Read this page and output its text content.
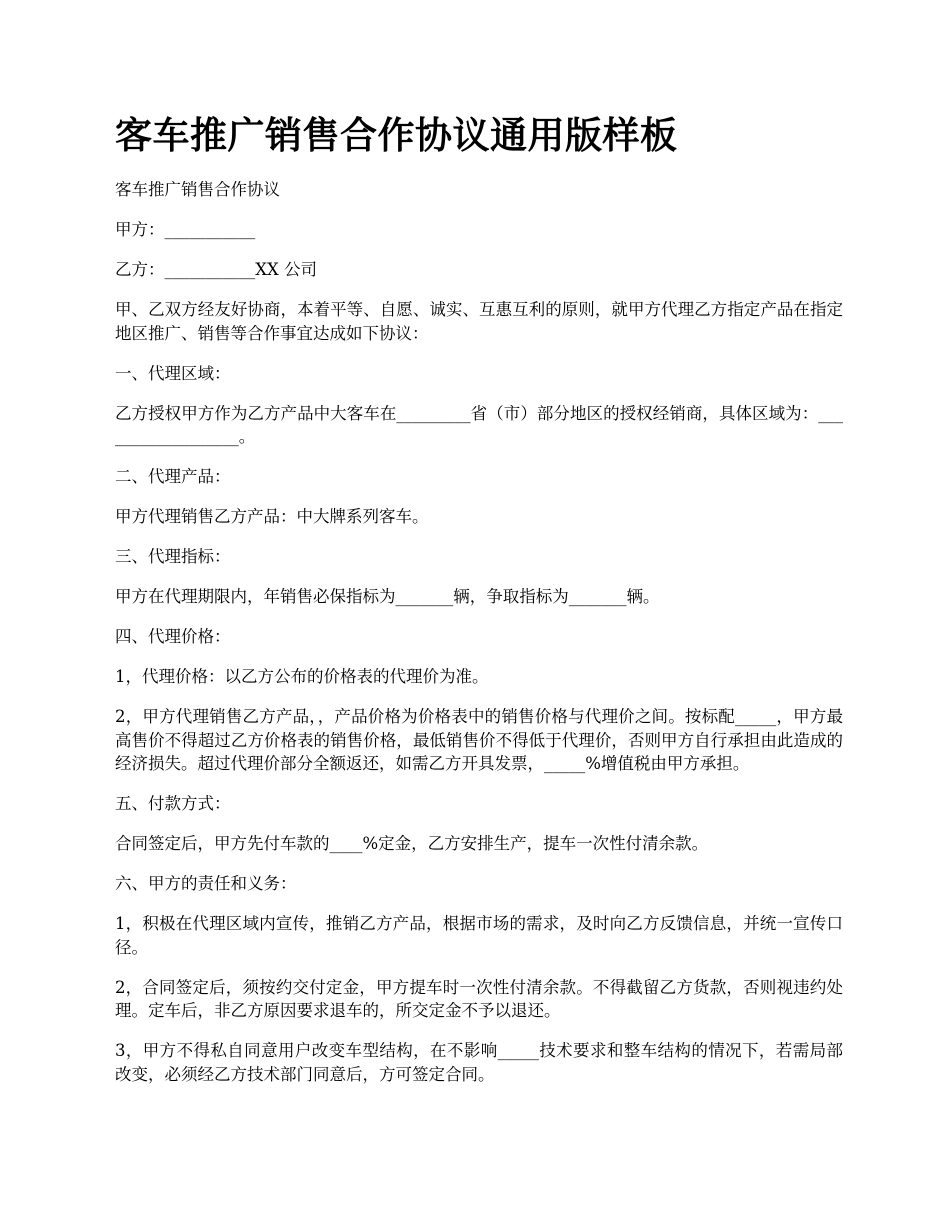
客车推广销售合作协议通用版样板

客车推广销售合作协议

甲方：___________

乙方：___________XX 公司

甲、乙双方经友好协商，本着平等、自愿、诚实、互惠互利的原则，就甲方代理乙方指定产品在指定地区推广、销售等合作事宜达成如下协议：

一、代理区域：

乙方授权甲方作为乙方产品中大客车在_________省（市）部分地区的授权经销商，具体区域为：__________________。

二、代理产品：

甲方代理销售乙方产品：中大牌系列客车。

三、代理指标：

甲方在代理期限内，年销售必保指标为_______辆，争取指标为_______辆。

四、代理价格：

1，代理价格：以乙方公布的价格表的代理价为准。

2，甲方代理销售乙方产品，，产品价格为价格表中的销售价格与代理价之间。按标配_____，甲方最高售价不得超过乙方价格表的销售价格，最低销售价不得低于代理价，否则甲方自行承担由此造成的经济损失。超过代理价部分全额返还，如需乙方开具发票，_____%增值税由甲方承担。

五、付款方式：

合同签定后，甲方先付车款的____%定金，乙方安排生产，提车一次性付清余款。

六、甲方的责任和义务：

1，积极在代理区域内宣传，推销乙方产品，根据市场的需求，及时向乙方反馈信息，并统一宣传口径。

2，合同签定后，须按约交付定金，甲方提车时一次性付清余款。不得截留乙方货款，否则视违约处理。定车后，非乙方原因要求退车的，所交定金不予以退还。

3，甲方不得私自同意用户改变车型结构，在不影响_____技术要求和整车结构的情况下，若需局部改变，必须经乙方技术部门同意后，方可签定合同。
